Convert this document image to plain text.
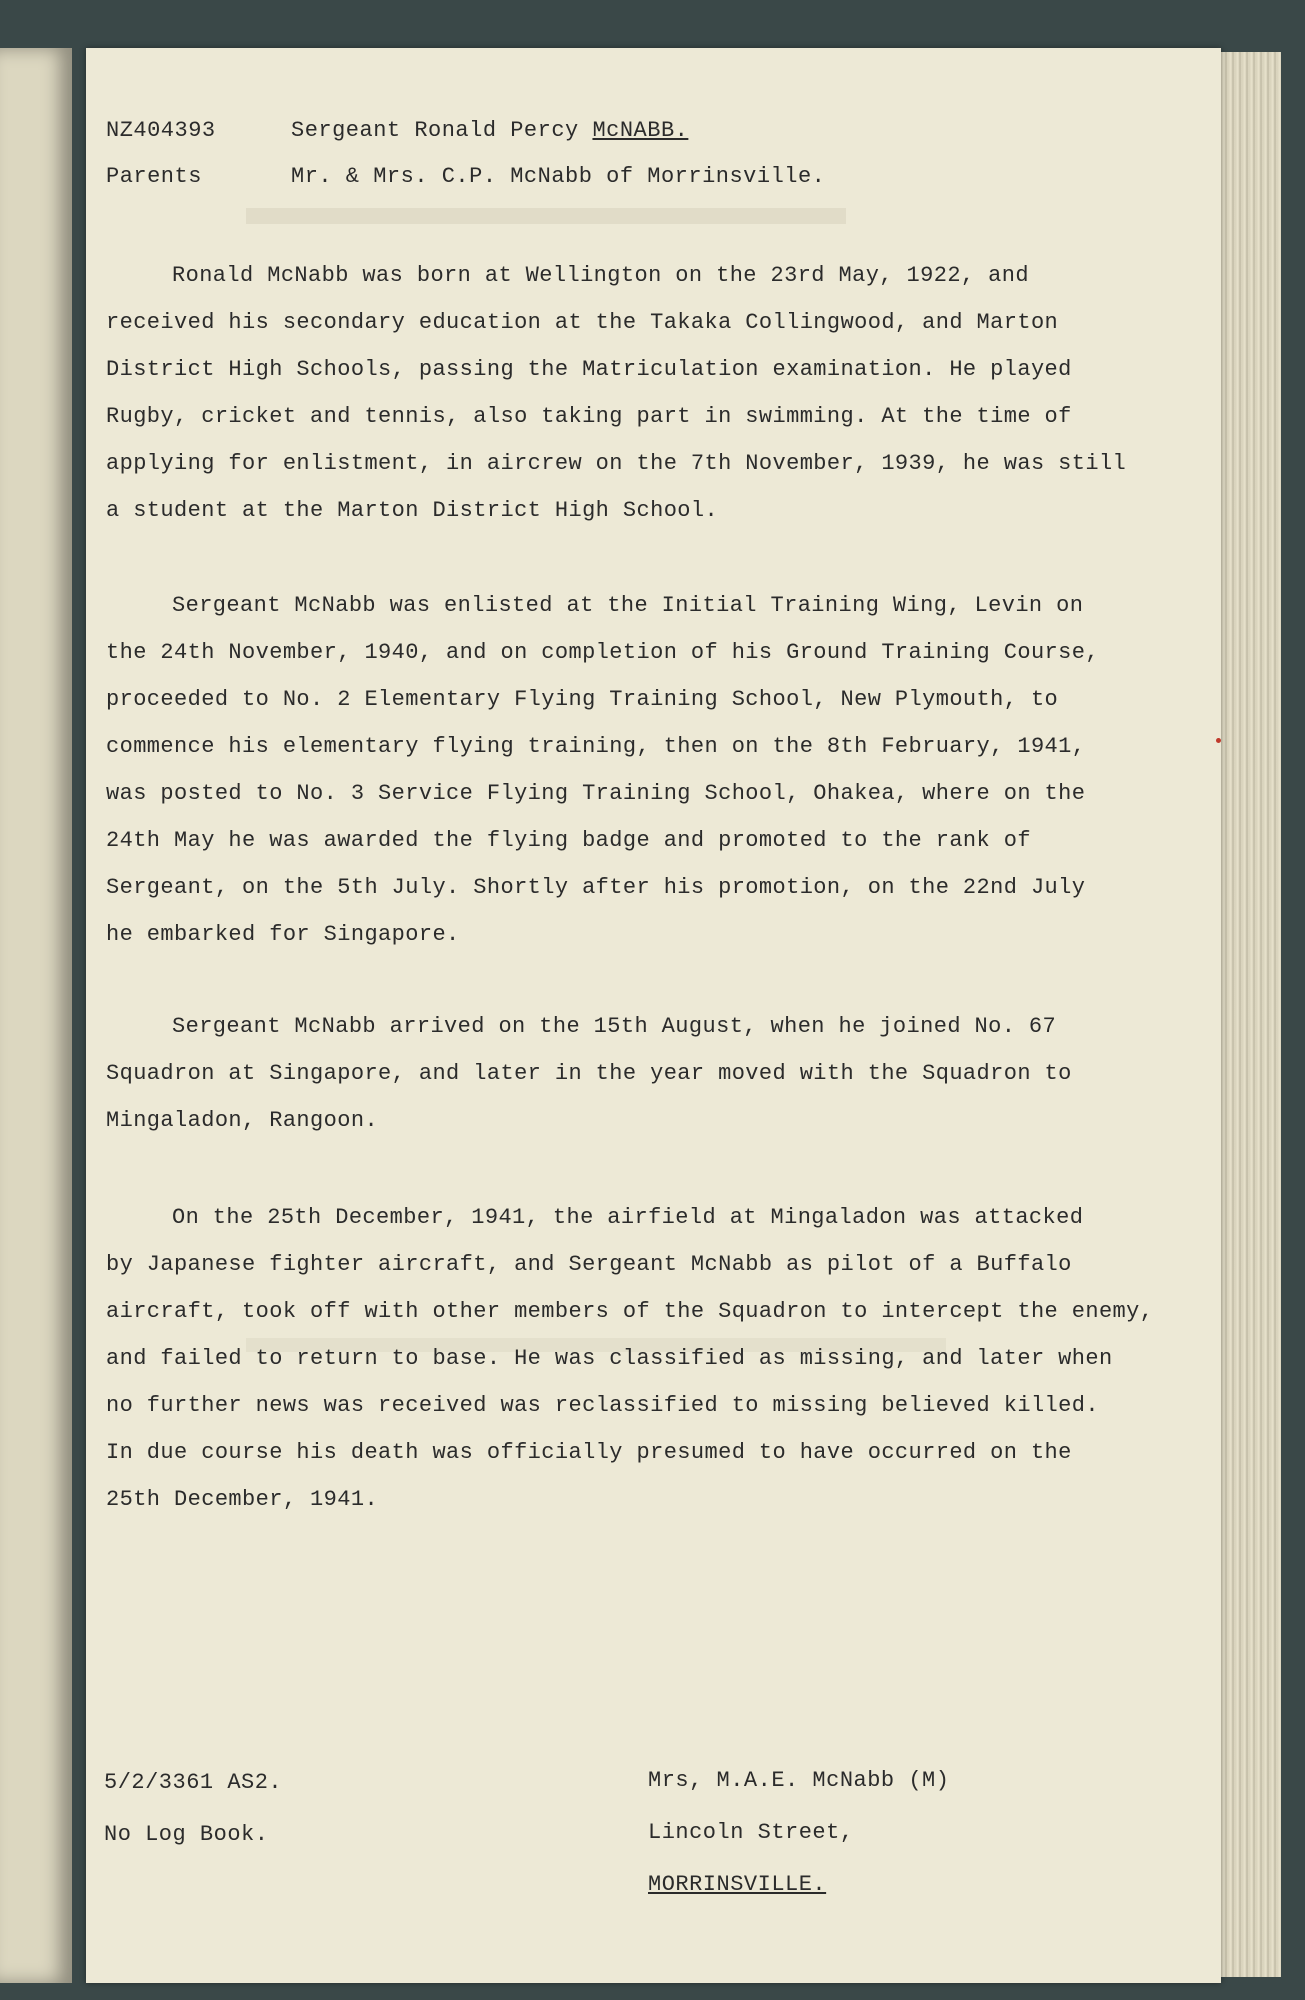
NZ404393	Sergeant Ronald Percy McNABB.
Parents	Mr. & Mrs. C.P. McNabb of Morrinsville.
Ronald McNabb was born at Wellington on the 23rd May, 1922, and
received his secondary education at the Takaka Collingwood, and Marton
District High Schools, passing the Matriculation examination. He played
Rugby, cricket and tennis, also taking part in swimming. At the time of
applying for enlistment, in aircrew on the 7th November, 1939, he was still
a student at the Marton District High School.
Sergeant McNabb was enlisted at the Initial Training Wing, Levin on
the 24th November, 1940, and on completion of his Ground Training Course,
proceeded to No. 2 Elementary Flying Training School, New Plymouth, to
commence his elementary flying training, then on the 8th February, 1941,
was posted to No. 3 Service Flying Training School, Ohakea, where on the
24th May he was awarded the flying badge and promoted to the rank of
Sergeant, on the 5th July. Shortly after his promotion, on the 22nd July
he embarked for Singapore.
Sergeant McNabb arrived on the 15th August, when he joined No. 67
Squadron at Singapore, and later in the year moved with the Squadron to
Mingaladon, Rangoon.
On the 25th December, 1941, the airfield at Mingaladon was attacked
by Japanese fighter aircraft, and Sergeant McNabb as pilot of a Buffalo
aircraft, took off with other members of the Squadron to intercept the enemy,
and failed to return to base. He was classified as missing, and later when
no further news was received was reclassified to missing believed killed.
In due course his death was officially presumed to have occurred on the
25th December, 1941.
5/2/3361 AS2.
No Log Book.
Mrs, M.A.E. McNabb (M)
Lincoln Street,
MORRINSVILLE.
